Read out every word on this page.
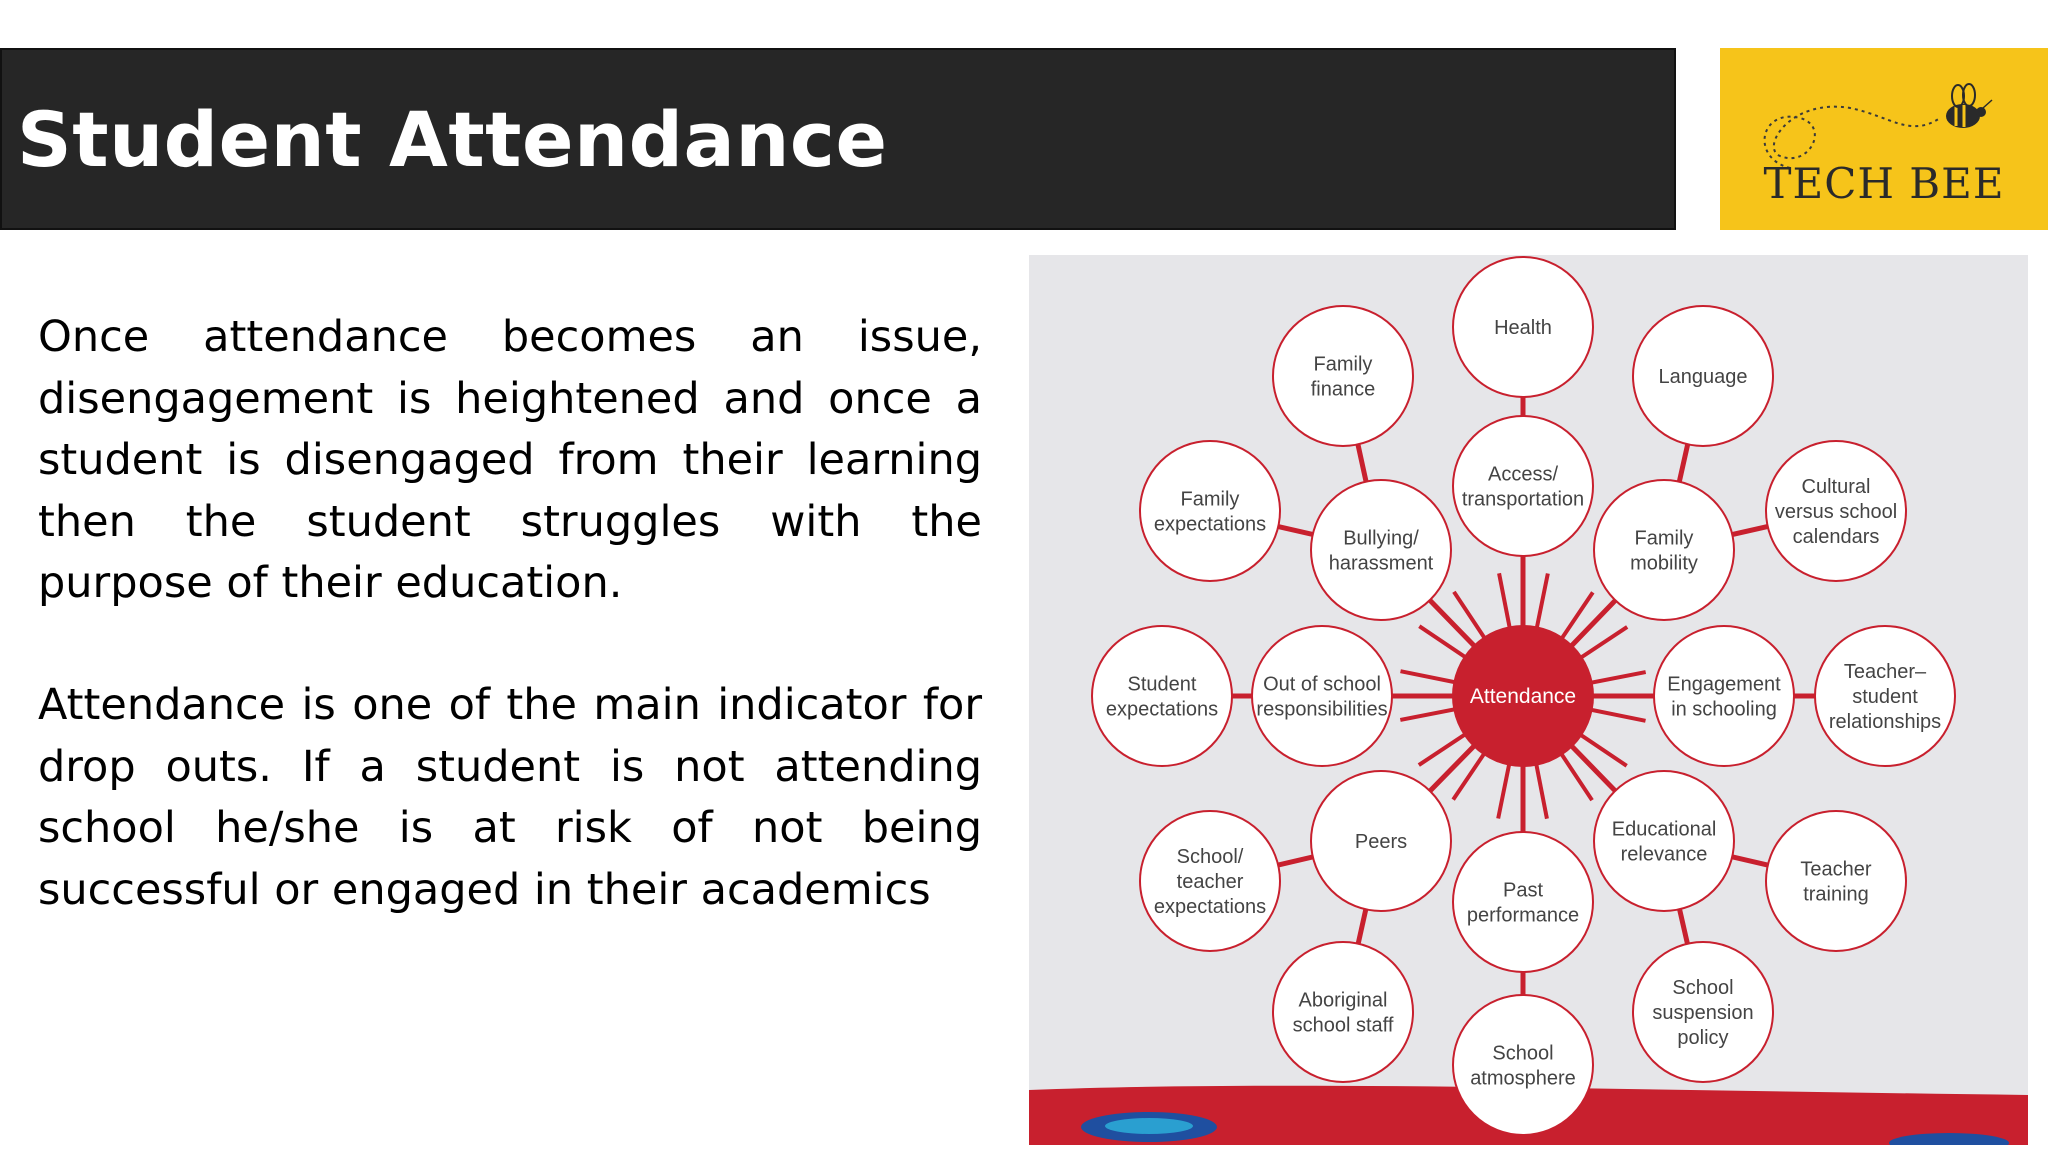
Student Attendance	TECH BEE

Once attendance becomes an issue, disengagement is heightened and once a student is disengaged from their learning then the student struggles with the purpose of their education.

Attendance is one of the main indicator for drop outs. If a student is not attending school he/she is at risk of not being successful or engaged in their academics

Health
Family
finance
Language
Access/
transportation
Family
expectations
Cultural
versus school
calendars
Bullying/
harassment
Family
mobility
Student
expectations
Out of school
responsibilities
Engagement
in schooling
Teacher–
student
relationships
Peers
Educational
relevance
School/
teacher
expectations
Teacher
training
Past
performance
Aboriginal
school staff
School
suspension
policy
School
atmosphere
Attendance
